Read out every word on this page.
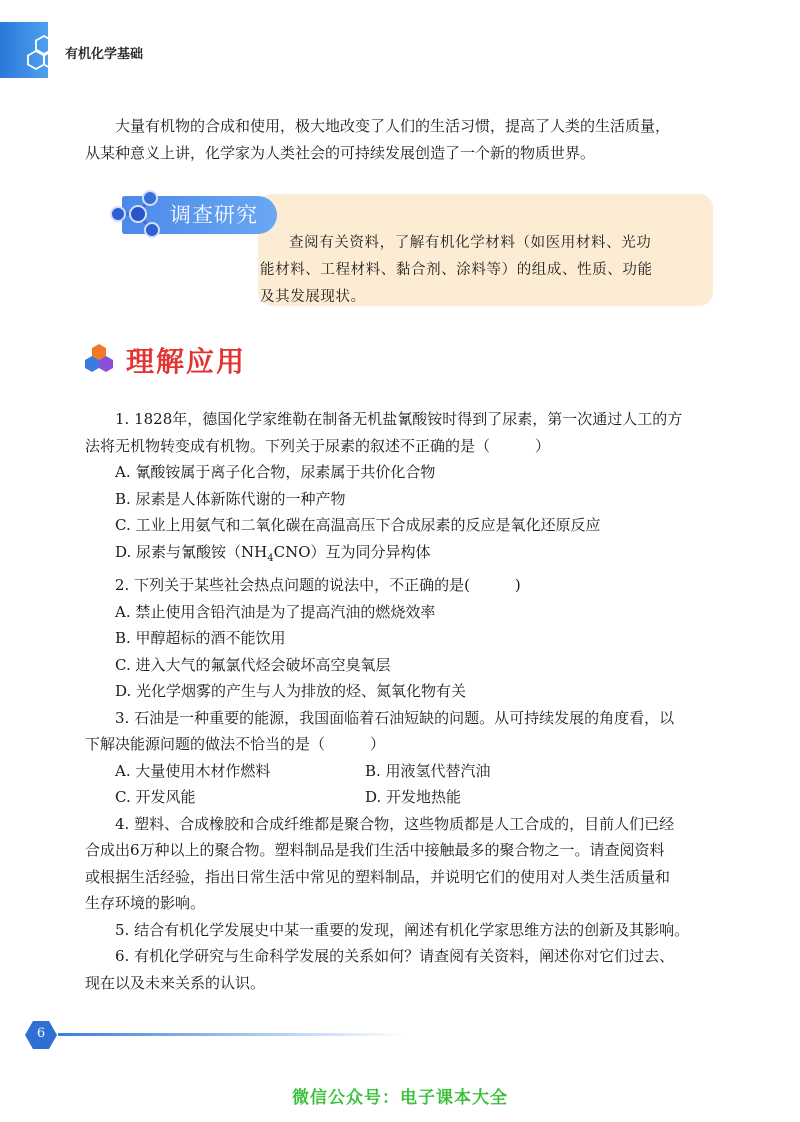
有机化学基础

大量有机物的合成和使用，极大地改变了人们的生活习惯，提高了人类的生活质量，

从某种意义上讲，化学家为人类社会的可持续发展创造了一个新的物质世界。

调查研究

查阅有关资料，了解有机化学材料（如医用材料、光功

能材料、工程材料、黏合剂、涂料等）的组成、性质、功能

及其发展现状。

理解应用

1. 1828年，德国化学家维勒在制备无机盐氰酸铵时得到了尿素，第一次通过人工的方

法将无机物转变成有机物。下列关于尿素的叙述不正确的是（　　　）

A. 氰酸铵属于离子化合物，尿素属于共价化合物

B. 尿素是人体新陈代谢的一种产物

C. 工业上用氨气和二氧化碳在高温高压下合成尿素的反应是氧化还原反应

D. 尿素与氰酸铵$(NH_4CNO)$互为同分异构体

2. 下列关于某些社会热点问题的说法中，不正确的是(　　　)

A. 禁止使用含铅汽油是为了提高汽油的燃烧效率

B. 甲醇超标的酒不能饮用

C. 进入大气的氟氯代烃会破坏高空臭氧层

D. 光化学烟雾的产生与人为排放的烃、氮氧化物有关

3. 石油是一种重要的能源，我国面临着石油短缺的问题。从可持续发展的角度看，以

下解决能源问题的做法不恰当的是（　　　）

A. 大量使用木材作燃料	B. 用液氢代替汽油

C. 开发风能	D. 开发地热能

4. 塑料、合成橡胶和合成纤维都是聚合物，这些物质都是人工合成的，目前人们已经

合成出6万种以上的聚合物。塑料制品是我们生活中接触最多的聚合物之一。请查阅资料

或根据生活经验，指出日常生活中常见的塑料制品，并说明它们的使用对人类生活质量和

生存环境的影响。

5. 结合有机化学发展史中某一重要的发现，阐述有机化学家思维方法的创新及其影响。

6. 有机化学研究与生命科学发展的关系如何？请查阅有关资料，阐述你对它们过去、

现在以及未来关系的认识。

6
微信公众号：电子课本大全
